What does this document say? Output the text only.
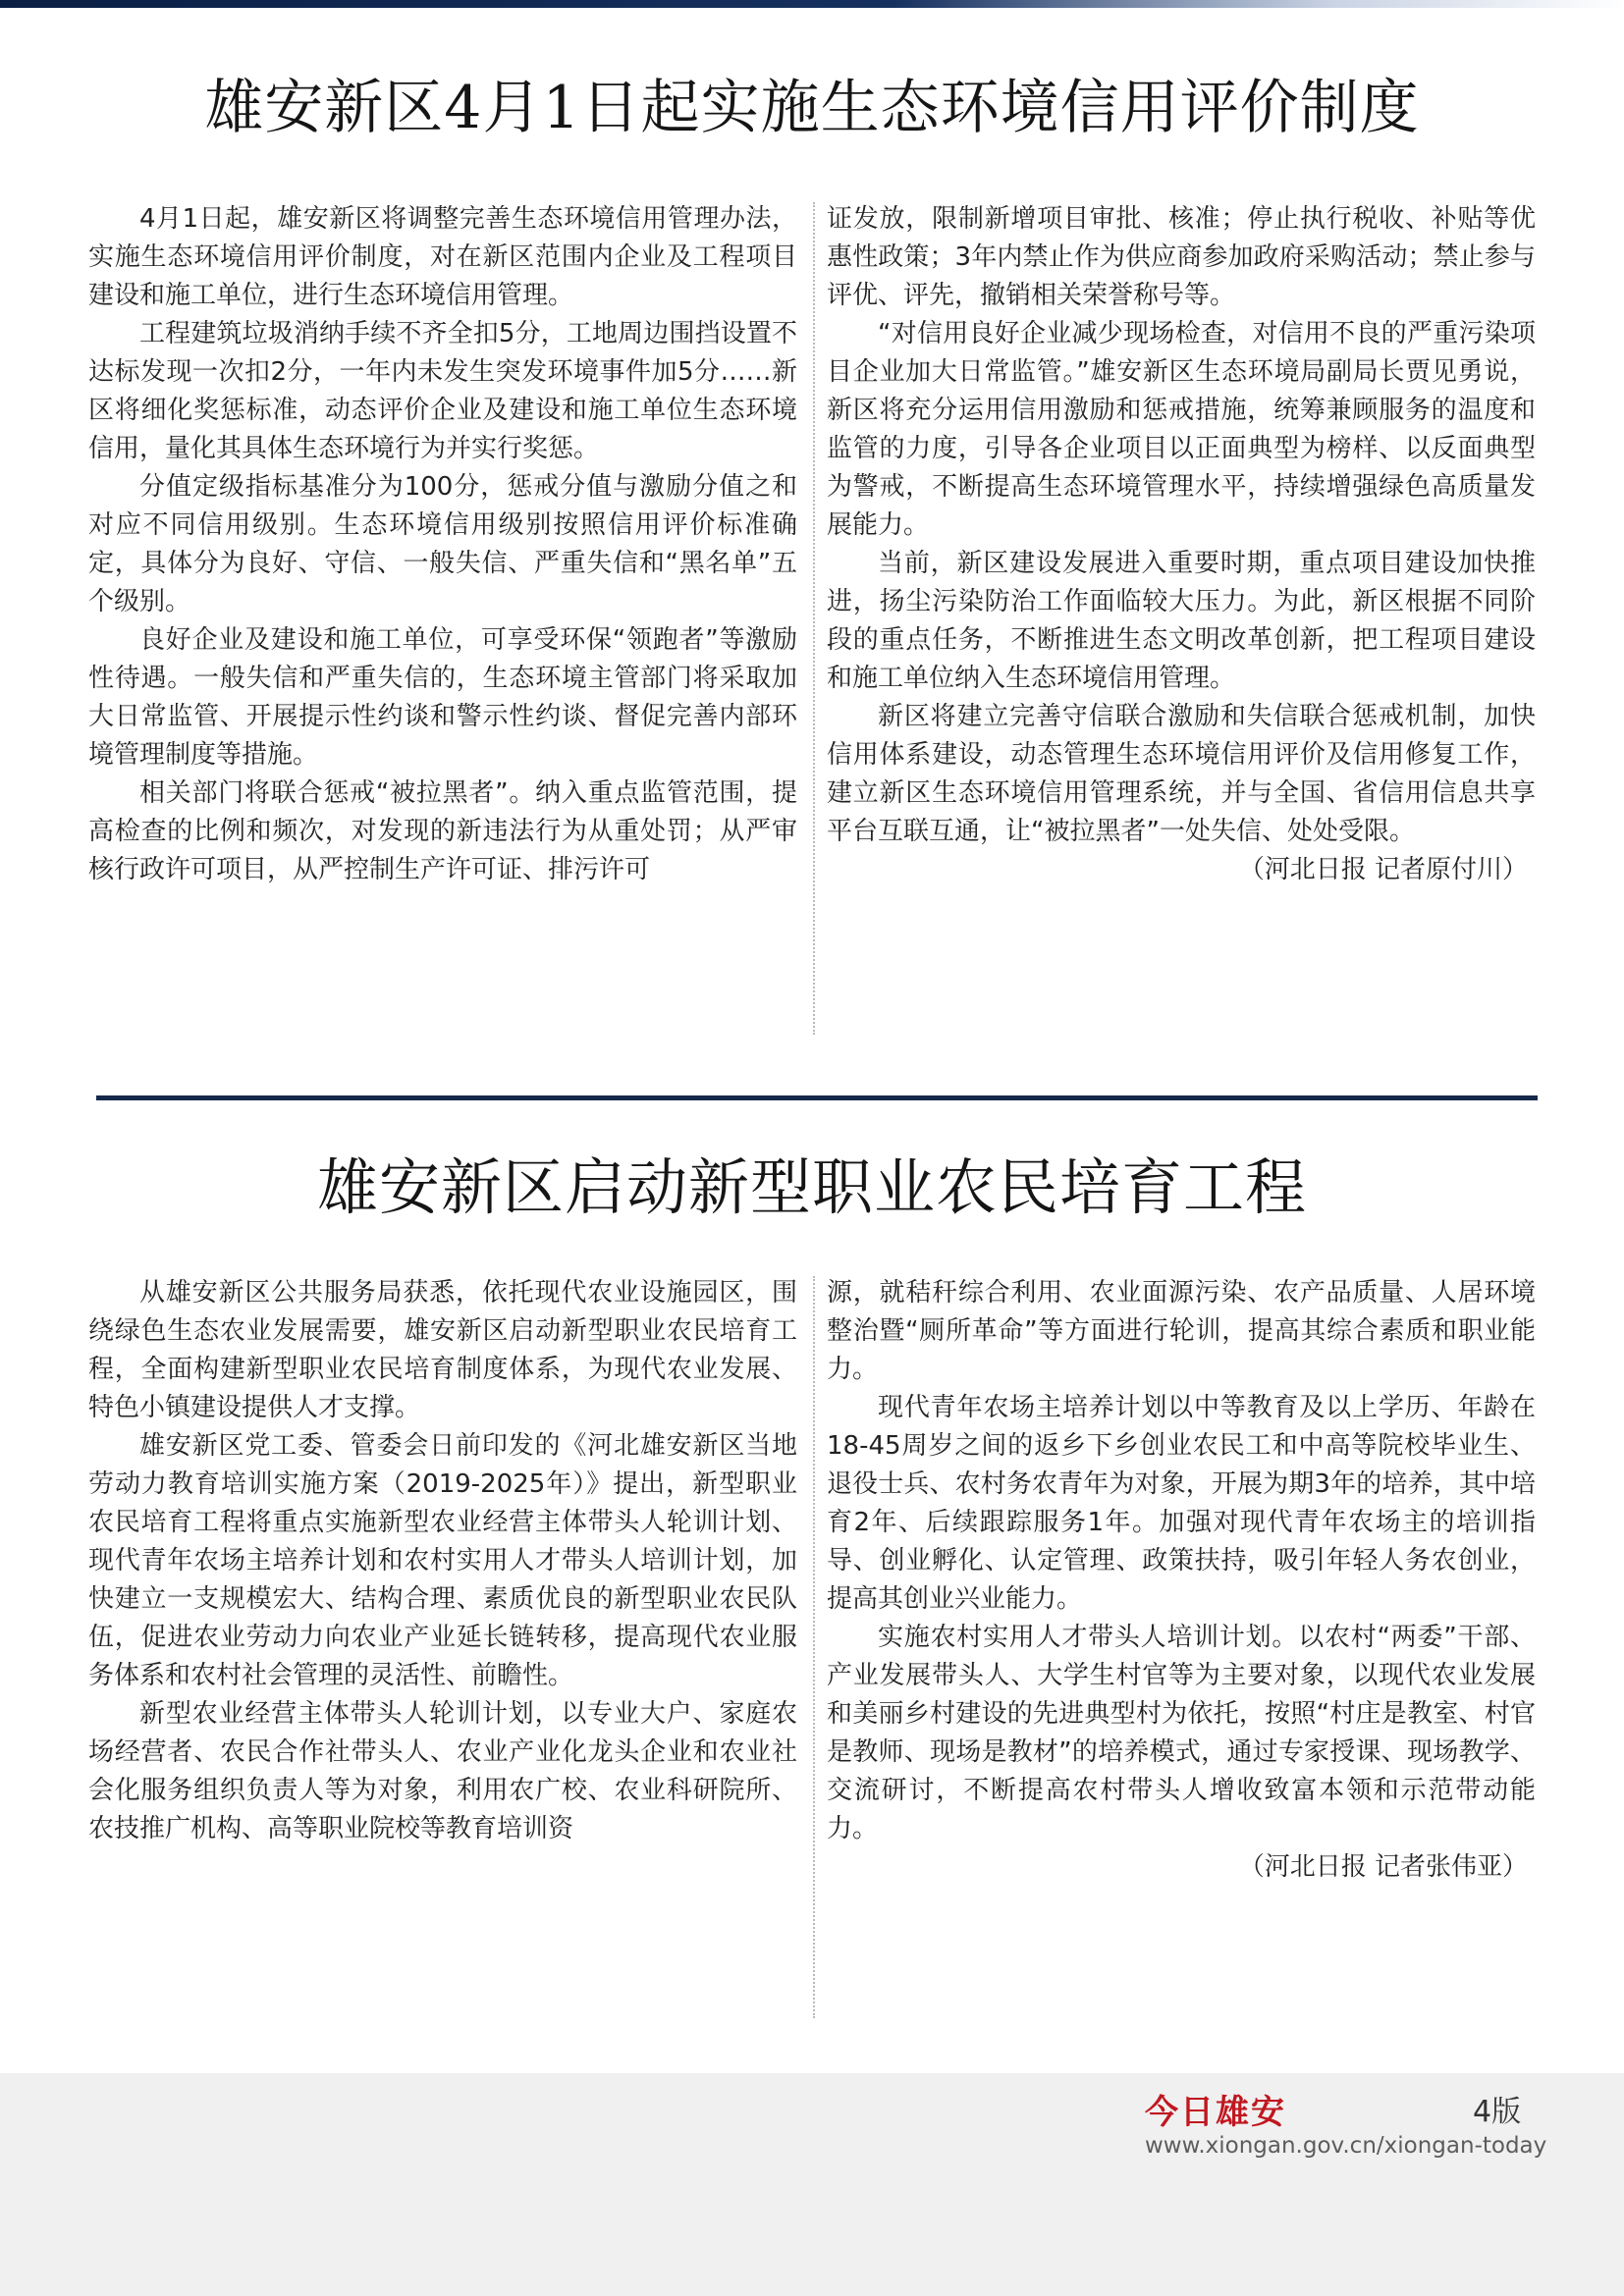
雄安新区4月1日起实施生态环境信用评价制度

4月1日起，雄安新区将调整完善生态环境信用管理办法，实施生态环境信用评价制度，对在新区范围内企业及工程项目建设和施工单位，进行生态环境信用管理。

工程建筑垃圾消纳手续不齐全扣5分，工地周边围挡设置不达标发现一次扣2分，一年内未发生突发环境事件加5分……新区将细化奖惩标准，动态评价企业及建设和施工单位生态环境信用，量化其具体生态环境行为并实行奖惩。

分值定级指标基准分为100分，惩戒分值与激励分值之和对应不同信用级别。生态环境信用级别按照信用评价标准确定，具体分为良好、守信、一般失信、严重失信和“黑名单”五个级别。

良好企业及建设和施工单位，可享受环保“领跑者”等激励性待遇。一般失信和严重失信的，生态环境主管部门将采取加大日常监管、开展提示性约谈和警示性约谈、督促完善内部环境管理制度等措施。

相关部门将联合惩戒“被拉黑者”。纳入重点监管范围，提高检查的比例和频次，对发现的新违法行为从重处罚；从严审核行政许可项目，从严控制生产许可证、排污许可

证发放，限制新增项目审批、核准；停止执行税收、补贴等优惠性政策；3年内禁止作为供应商参加政府采购活动；禁止参与评优、评先，撤销相关荣誉称号等。

“对信用良好企业减少现场检查，对信用不良的严重污染项目企业加大日常监管。”雄安新区生态环境局副局长贾见勇说，新区将充分运用信用激励和惩戒措施，统筹兼顾服务的温度和监管的力度，引导各企业项目以正面典型为榜样、以反面典型为警戒，不断提高生态环境管理水平，持续增强绿色高质量发展能力。

当前，新区建设发展进入重要时期，重点项目建设加快推进，扬尘污染防治工作面临较大压力。为此，新区根据不同阶段的重点任务，不断推进生态文明改革创新，把工程项目建设和施工单位纳入生态环境信用管理。

新区将建立完善守信联合激励和失信联合惩戒机制，加快信用体系建设，动态管理生态环境信用评价及信用修复工作，建立新区生态环境信用管理系统，并与全国、省信用信息共享平台互联互通，让“被拉黑者”一处失信、处处受限。

（河北日报 记者原付川）

雄安新区启动新型职业农民培育工程

从雄安新区公共服务局获悉，依托现代农业设施园区，围绕绿色生态农业发展需要，雄安新区启动新型职业农民培育工程，全面构建新型职业农民培育制度体系，为现代农业发展、特色小镇建设提供人才支撑。

雄安新区党工委、管委会日前印发的《河北雄安新区当地劳动力教育培训实施方案（2019-2025年）》提出，新型职业农民培育工程将重点实施新型农业经营主体带头人轮训计划、现代青年农场主培养计划和农村实用人才带头人培训计划，加快建立一支规模宏大、结构合理、素质优良的新型职业农民队伍，促进农业劳动力向农业产业延长链转移，提高现代农业服务体系和农村社会管理的灵活性、前瞻性。

新型农业经营主体带头人轮训计划，以专业大户、家庭农场经营者、农民合作社带头人、农业产业化龙头企业和农业社会化服务组织负责人等为对象，利用农广校、农业科研院所、农技推广机构、高等职业院校等教育培训资

源，就秸秆综合利用、农业面源污染、农产品质量、人居环境整治暨“厕所革命”等方面进行轮训，提高其综合素质和职业能力。

现代青年农场主培养计划以中等教育及以上学历、年龄在18-45周岁之间的返乡下乡创业农民工和中高等院校毕业生、退役士兵、农村务农青年为对象，开展为期3年的培养，其中培育2年、后续跟踪服务1年。加强对现代青年农场主的培训指导、创业孵化、认定管理、政策扶持，吸引年轻人务农创业，提高其创业兴业能力。

实施农村实用人才带头人培训计划。以农村“两委”干部、产业发展带头人、大学生村官等为主要对象，以现代农业发展和美丽乡村建设的先进典型村为依托，按照“村庄是教室、村官是教师、现场是教材”的培养模式，通过专家授课、现场教学、交流研讨，不断提高农村带头人增收致富本领和示范带动能力。

（河北日报 记者张伟亚）

今日雄安	4版
www.xiongan.gov.cn/xiongan-today
